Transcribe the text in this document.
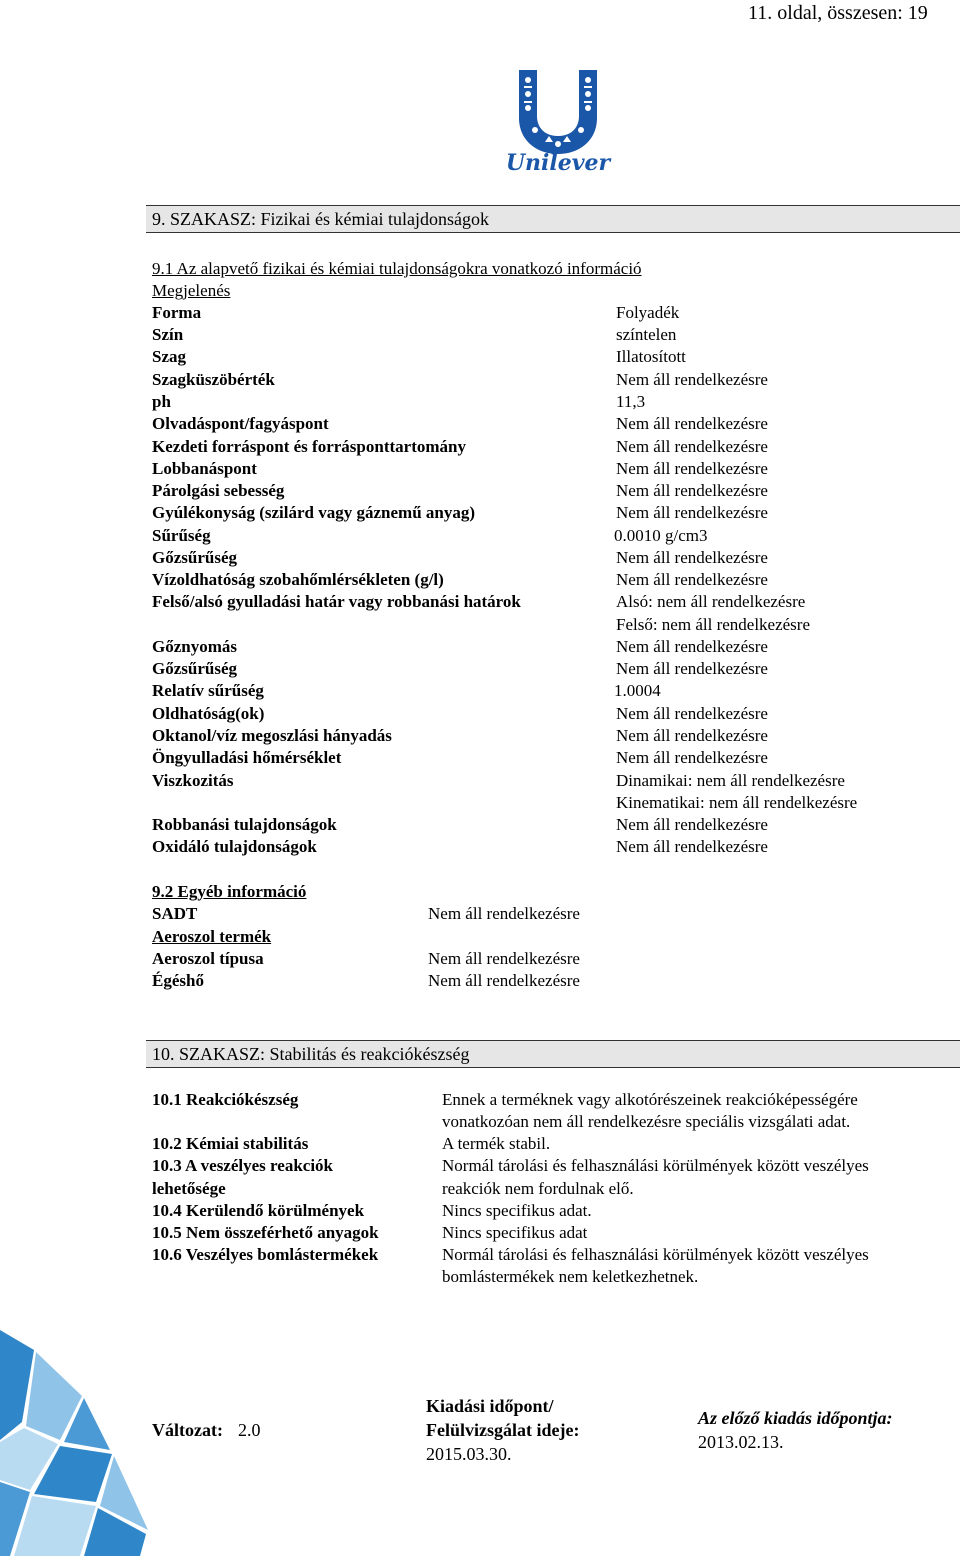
11. oldal, összesen: 19
Unilever
9. SZAKASZ: Fizikai és kémiai tulajdonságok
9.1 Az alapvető fizikai és kémiai tulajdonságokra vonatkozó információ
Megjelenés
Forma	Folyadék
Szín	színtelen
Szag	Illatosított
Szagküszöbérték	Nem áll rendelkezésre
ph	11,3
Olvadáspont/fagyáspont	Nem áll rendelkezésre
Kezdeti forráspont és forrásponttartomány	Nem áll rendelkezésre
Lobbanáspont	Nem áll rendelkezésre
Párolgási sebesség	Nem áll rendelkezésre
Gyúlékonyság (szilárd vagy gáznemű anyag)	Nem áll rendelkezésre
Sűrűség	0.0010 g/cm3
Gőzsűrűség	Nem áll rendelkezésre
Vízoldhatóság szobahőmlérsékleten (g/l)	Nem áll rendelkezésre
Felső/alsó gyulladási határ vagy robbanási határok	Alsó: nem áll rendelkezésre
Felső: nem áll rendelkezésre
Gőznyomás	Nem áll rendelkezésre
Gőzsűrűség	Nem áll rendelkezésre
Relatív sűrűség	1.0004
Oldhatóság(ok)	Nem áll rendelkezésre
Oktanol/víz megoszlási hányadás	Nem áll rendelkezésre
Öngyulladási hőmérséklet	Nem áll rendelkezésre
Viszkozitás	Dinamikai: nem áll rendelkezésre
Kinematikai: nem áll rendelkezésre
Robbanási tulajdonságok	Nem áll rendelkezésre
Oxidáló tulajdonságok	Nem áll rendelkezésre
9.2 Egyéb információ
SADT	Nem áll rendelkezésre
Aeroszol termék
Aeroszol típusa	Nem áll rendelkezésre
Égéshő	Nem áll rendelkezésre
10. SZAKASZ: Stabilitás és reakciókészség
10.1 Reakciókészség	Ennek a terméknek vagy alkotórészeinek reakcióképességére
vonatkozóan nem áll rendelkezésre speciális vizsgálati adat.
10.2 Kémiai stabilitás	A termék stabil.
10.3 A veszélyes reakciók
lehetősége
Normál tárolási és felhasználási körülmények között veszélyes
reakciók nem fordulnak elő.
10.4 Kerülendő körülmények	Nincs specifikus adat.
10.5 Nem összeférhető anyagok	Nincs specifikus adat
10.6 Veszélyes bomlástermékek	Normál tárolási és felhasználási körülmények között veszélyes
bomlástermékek nem keletkezhetnek.
Változat: 2.0
Kiadási időpont/
Felülvizsgálat ideje:
2015.03.30.
Az előző kiadás időpontja:
2013.02.13.
